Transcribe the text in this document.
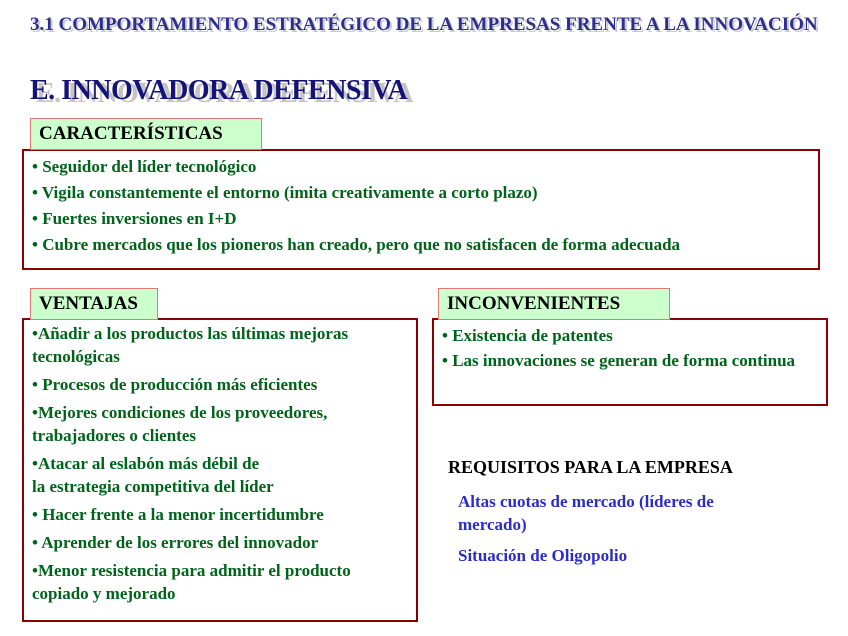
3.1 COMPORTAMIENTO ESTRATÉGICO DE LA EMPRESAS FRENTE A LA INNOVACIÓN
E. INNOVADORA DEFENSIVA
• Seguidor del líder tecnológico
• Vigila constantemente el entorno (imita creativamente a corto plazo)
• Fuertes inversiones en I+D
• Cubre mercados que los pioneros han creado, pero que no satisfacen de forma adecuada
CARACTERÍSTICAS
•Añadir a los productos las últimas mejoras tecnológicas
• Procesos de producción más eficientes
•Mejores condiciones de los proveedores, trabajadores o clientes
•Atacar al eslabón más débil de
la estrategia competitiva del líder
• Hacer frente a la menor incertidumbre
• Aprender de los errores del innovador
•Menor resistencia para admitir el producto copiado y mejorado
VENTAJAS
• Existencia de patentes
• Las innovaciones se generan de forma continua
INCONVENIENTES
REQUISITOS PARA LA EMPRESA
Altas cuotas de mercado (líderes de mercado)
Situación de Oligopolio
